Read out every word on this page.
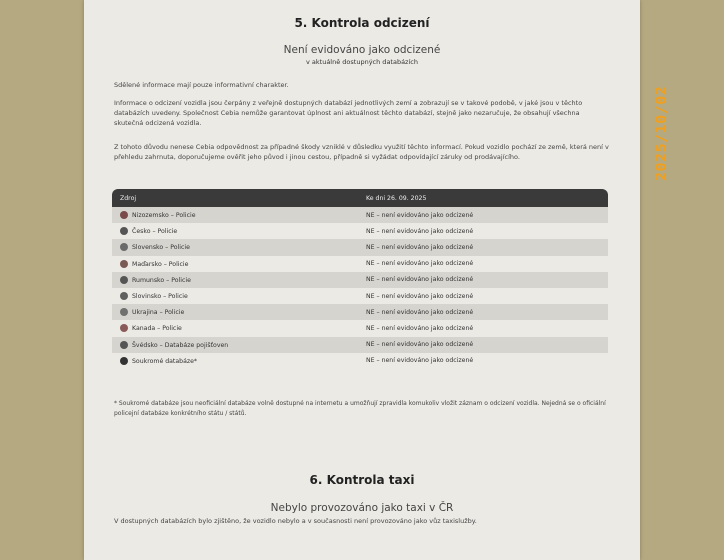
5. Kontrola odcizení
Není evidováno jako odcizené
v aktuálně dostupných databázích
Sdělené informace mají pouze informativní charakter.
Informace o odcizení vozidla jsou čerpány z veřejně dostupných databází jednotlivých zemí a zobrazují se v takové podobě, v jaké jsou v těchto databázích uvedeny. Společnost Cebia nemůže garantovat úplnost ani aktuálnost těchto databází, stejně jako nezaručuje, že obsahují všechna skutečná odcizená vozidla.
Z tohoto důvodu nenese Cebia odpovědnost za případné škody vzniklé v důsledku využití těchto informací. Pokud vozidlo pochází ze země, která není v přehledu zahrnuta, doporučujeme ověřit jeho původ i jinou cestou, případně si vyžádat odpovídající záruky od prodávajícího.
Zdroj	Ke dni 26. 09. 2025
Nizozemsko – Policie	NE – není evidováno jako odcizené
Česko – Policie	NE – není evidováno jako odcizené
Slovensko – Policie	NE – není evidováno jako odcizené
Maďarsko – Policie	NE – není evidováno jako odcizené
Rumunsko – Policie	NE – není evidováno jako odcizené
Slovinsko – Policie	NE – není evidováno jako odcizené
Ukrajina – Policie	NE – není evidováno jako odcizené
Kanada – Policie	NE – není evidováno jako odcizené
Švédsko – Databáze pojišťoven	NE – není evidováno jako odcizené
Soukromé databáze*	NE – není evidováno jako odcizené
* Soukromé databáze jsou neoficiální databáze volně dostupné na internetu a umožňují zpravidla komukoliv vložit záznam o odcizení vozidla. Nejedná se o oficiální policejní databáze konkrétního státu / států.
6. Kontrola taxi
Nebylo provozováno jako taxi v ČR
V dostupných databázích bylo zjištěno, že vozidlo nebylo a v současnosti není provozováno jako vůz taxislužby.
2025/10/02
